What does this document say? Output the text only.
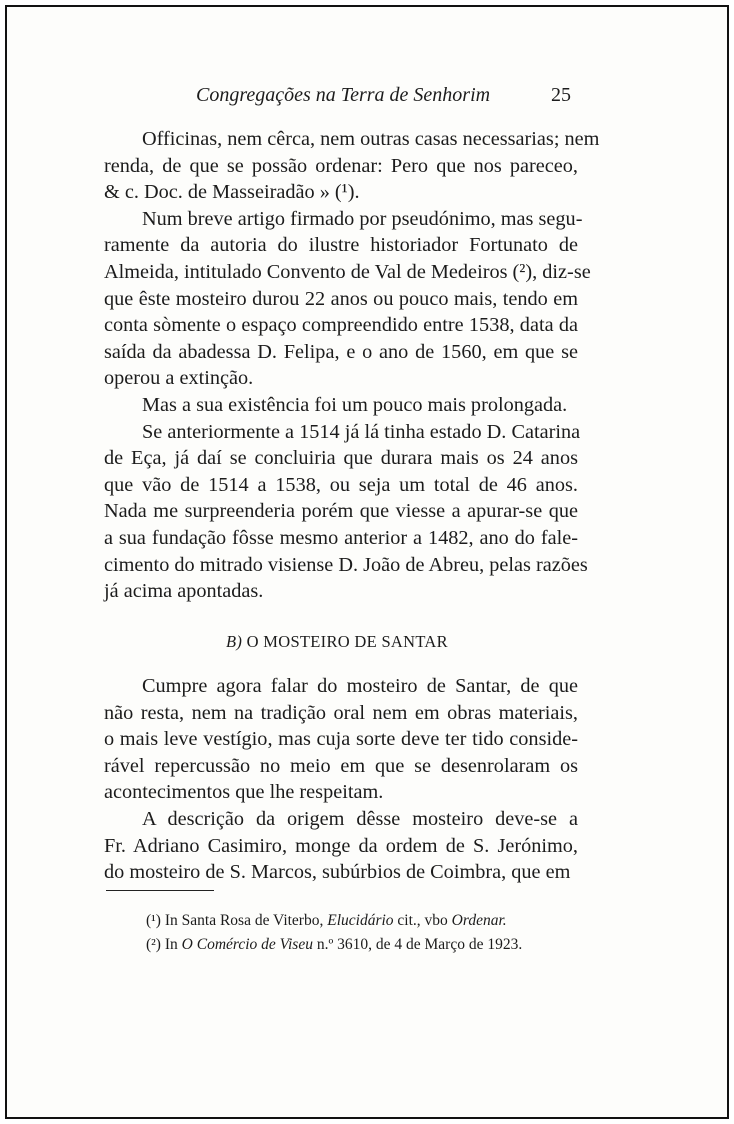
Congregações na Terra de Senhorim	25
Officinas, nem cêrca, nem outras casas necessarias; nem
renda, de que se possão ordenar: Pero que nos pareceo,
& c. Doc. de Masseiradão » (¹).
Num breve artigo firmado por pseudónimo, mas segu-
ramente da autoria do ilustre historiador Fortunato de
Almeida, intitulado Convento de Val de Medeiros (²), diz-se
que êste mosteiro durou 22 anos ou pouco mais, tendo em
conta sòmente o espaço compreendido entre 1538, data da
saída da abadessa D. Felipa, e o ano de 1560, em que se
operou a extinção.
Mas a sua existência foi um pouco mais prolongada.
Se anteriormente a 1514 já lá tinha estado D. Catarina
de Eça, já daí se concluiria que durara mais os 24 anos
que vão de 1514 a 1538, ou seja um total de 46 anos.
Nada me surpreenderia porém que viesse a apurar-se que
a sua fundação fôsse mesmo anterior a 1482, ano do fale-
cimento do mitrado visiense D. João de Abreu, pelas razões
já acima apontadas.
B) O MOSTEIRO DE SANTAR
Cumpre agora falar do mosteiro de Santar, de que
não resta, nem na tradição oral nem em obras materiais,
o mais leve vestígio, mas cuja sorte deve ter tido conside-
rável repercussão no meio em que se desenrolaram os
acontecimentos que lhe respeitam.
A descrição da origem dêsse mosteiro deve-se a
Fr. Adriano Casimiro, monge da ordem de S. Jerónimo,
do mosteiro de S. Marcos, subúrbios de Coimbra, que em
(¹) In Santa Rosa de Viterbo, Elucidário cit., vbo Ordenar.
(²) In O Comércio de Viseu n.º 3610, de 4 de Março de 1923.
